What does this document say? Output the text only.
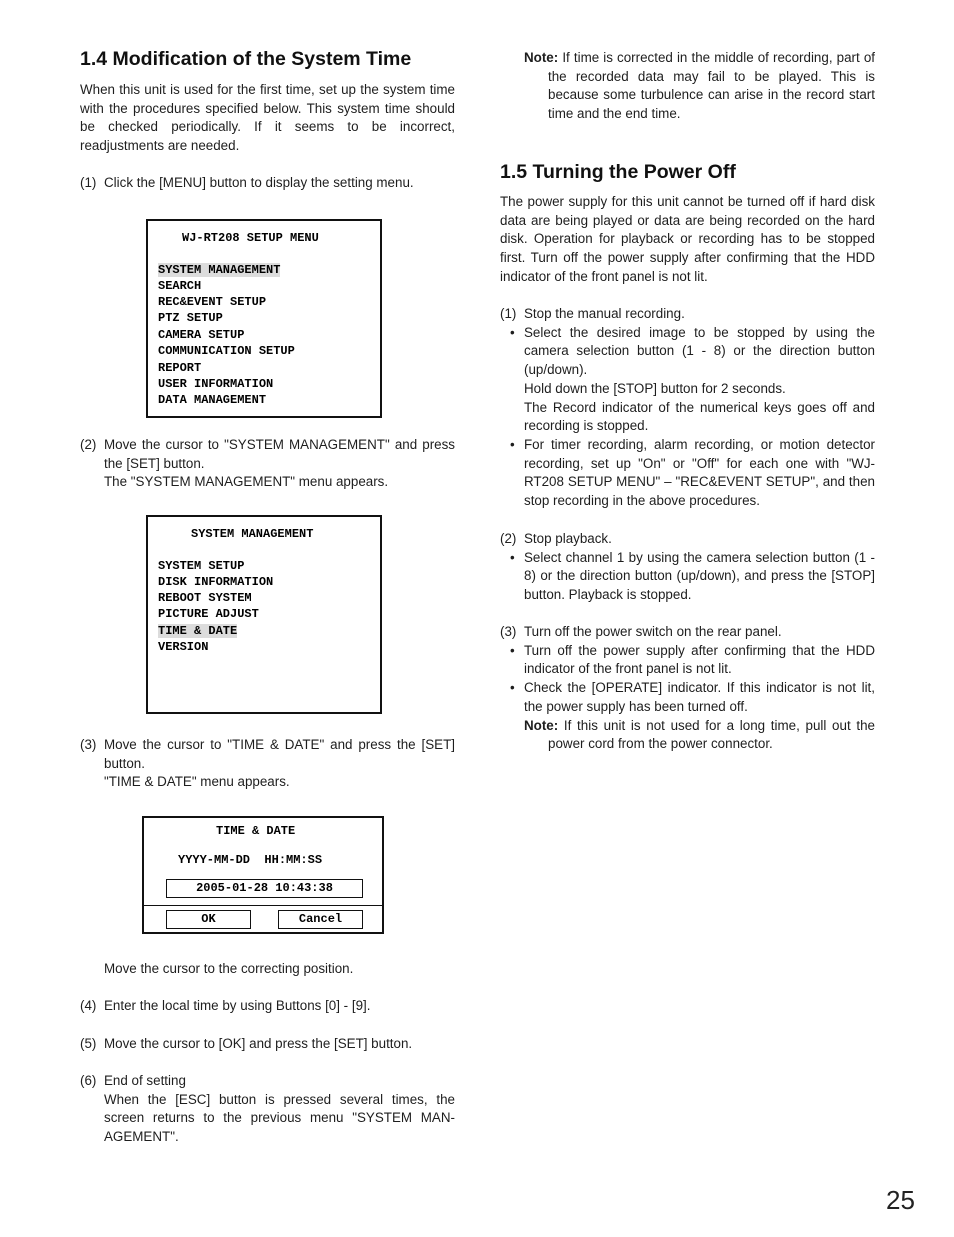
1.4 Modification of the System Time
When this unit is used for the first time, set up the system time with the procedures specified below. This system time should be checked periodically. If it seems to be incorrect, readjustments are needed.
(1) Click the [MENU] button to display the setting menu.

WJ-RT208 SETUP MENU
SYSTEM MANAGEMENT
SEARCH
REC&EVENT SETUP
PTZ SETUP
CAMERA SETUP
COMMUNICATION SETUP
REPORT
USER INFORMATION
DATA MANAGEMENT
(2) Move the cursor to "SYSTEM MANAGEMENT" and press the [SET] button.

The "SYSTEM MANAGEMENT" menu appears.

SYSTEM MANAGEMENT
SYSTEM SETUP
DISK INFORMATION
REBOOT SYSTEM
PICTURE ADJUST
TIME & DATE
VERSION
(3) Move the cursor to "TIME & DATE" and press the [SET] button.

"TIME & DATE" menu appears.

TIME & DATE
YYYY-MM-DD  HH:MM:SS
2005-01-28 10:43:38
OK	Cancel
Move the cursor to the correcting position.
(4) Enter the local time by using Buttons [0] - [9].

(5) Move the cursor to [OK] and press the [SET] button.

(6) End of setting

When the [ESC] button is pressed several times, the screen returns to the previous menu "SYSTEM MAN-AGEMENT".

Note: If time is corrected in the middle of recording, part of the recorded data may fail to be played. This is because some turbulence can arise in the record start time and the end time.
1.5 Turning the Power Off
The power supply for this unit cannot be turned off if hard disk data are being played or data are being recorded on the hard disk. Operation for playback or recording has to be stopped first. Turn off the power supply after confirming that the HDD indicator of the front panel is not lit.
(1) Stop the manual recording.

• Select the desired image to be stopped by using the camera selection button (1 - 8) or the direction button (up/down).

Hold down the [STOP] button for 2 seconds.

The Record indicator of the numerical keys goes off and recording is stopped.

• For timer recording, alarm recording, or motion detector recording, set up "On" or "Off" for each one with "WJ-RT208 SETUP MENU" – "REC&EVENT SETUP", and then stop recording in the above procedures.

(2) Stop playback.

• Select channel 1 by using the camera selection button (1 - 8) or the direction button (up/down), and press the [STOP] button. Playback is stopped.

(3) Turn off the power switch on the rear panel.

• Turn off the power supply after confirming that the HDD indicator of the front panel is not lit.

• Check the [OPERATE] indicator. If this indicator is not lit, the power supply has been turned off.

Note: If this unit is not used for a long time, pull out the power cord from the power connector.
25
